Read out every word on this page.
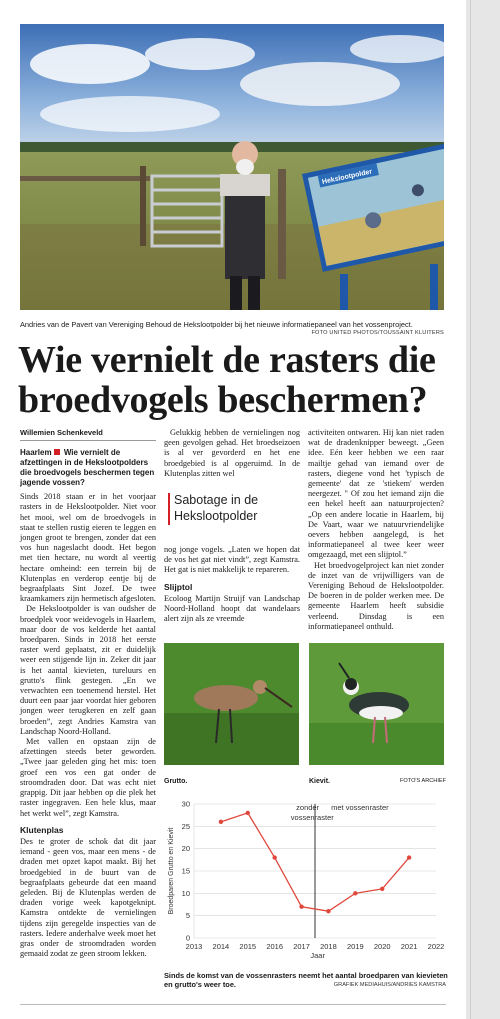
Hekslootpolder
Andries van de Pavert van Vereniging Behoud de Hekslootpolder bij het nieuwe informatiepaneel van het vossenproject.
FOTO UNITED PHOTOS/TOUSSAINT KLUITERS
Wie vernielt de rasters die broedvogels beschermen?
Willemien Schenkeveld
Haarlem Wie vernielt de afzettingen in de Hekslootpolders die broedvogels beschermen tegen jagende vossen?

Sinds 2018 staan er in het voorjaar rasters in de Hekslootpolder. Niet voor het mooi, wel om de broedvogels in staat te stellen rustig eieren te leggen en jongen groot te brengen, zonder dat een vos hun nageslacht doodt. Het begon met tien hectare, nu wordt al veertig hectare omheind: een terrein bij de Klutenplas en verderop eentje bij de begraafplaats Sint Jozef. De twee kraamkamers zijn hermetisch afgesloten.

De Hekslootpolder is van oudsher de broedplek voor weidevogels in Haarlem, maar door de vos kelderde het aantal broedparen. Sinds in 2018 het eerste raster werd geplaatst, zit er duidelijk weer een stijgende lijn in. Zeker dit jaar is het aantal kievieten, tureluurs en grutto's flink gestegen. „En we verwachten een toenemend herstel. Het duurt een paar jaar voordat hier geboren jongen weer terugkeren en zelf gaan broeden”, zegt Andries Kamstra van Landschap Noord-Holland.

Met vallen en opstaan zijn de afzettingen steeds beter geworden. „Twee jaar geleden ging het mis: toen groef een vos een gat onder de stroomdraden door. Dat was echt niet grappig. Dit jaar hebben op die plek het raster ingegraven. Een hele klus, maar het werkt wel”, zegt Kamstra.

Klutenplas

Des te groter de schok dat dit jaar iemand - geen vos, maar een mens - de draden met opzet kapot maakt. Bij het broedgebied in de buurt van de begraafplaats gebeurde dat een maand geleden. Bij de Klutenplas werden de draden vorige week kapotgeknipt. Kamstra ontdekte de vernielingen tijdens zijn geregelde inspecties van de rasters. Iedere anderhalve week moet het gras onder de stroomdraden worden gemaaid zodat ze geen stroom lekken.

Gelukkig hebben de vernielingen nog geen gevolgen gehad. Het broedseizoen is al ver gevorderd en het ene broedgebied is al opgeruimd. In de Klutenplas zitten wel

Sabotage in de Hekslootpolder

nog jonge vogels. „Laten we hopen dat de vos het gat niet vindt”, zegt Kamstra. Het gat is niet makkelijk te repareren.

Slijptol

Ecoloog Martijn Struijf van Landschap Noord-Holland hoopt dat wandelaars alert zijn als ze vreemde

activiteiten ontwaren. Hij kan niet raden wat de dradenknipper beweegt. „Geen idee. Eén keer hebben we een raar mailtje gehad van iemand over de rasters, diegene vond het 'typisch de gemeente' dat ze 'stiekem' werden neergezet. '' Of zou het iemand zijn die een hekel heeft aan natuurprojecten? „Op een andere locatie in Haarlem, bij De Vaart, waar we natuurvriendelijke oevers hebben aangelegd, is het informatiepaneel al twee keer weer omgezaagd, met een slijptol.”

Het broedvogelproject kan niet zonder de inzet van de vrijwilligers van de Vereniging Behoud de Hekslootpolder. De boeren in de polder werken mee. De gemeente Haarlem heeft subsidie verleend. Dinsdag is een informatiepaneel onthuld.

Grutto.	Kievit.	FOTO'S ARCHIEF
zonder
vossenraster
met vossenraster
2013 2014 2015 2016 2017 2018 2019 2020 2021 2022
0
5
10
15
20
25
30
Jaar
Broedparen Grutto en Kievit
Sinds de komst van de vossenrasters neemt het aantal broedparen van kievieten en grutto's weer toe.	GRAFIEK MEDIAHUIS/ANDRIES KAMSTRA
